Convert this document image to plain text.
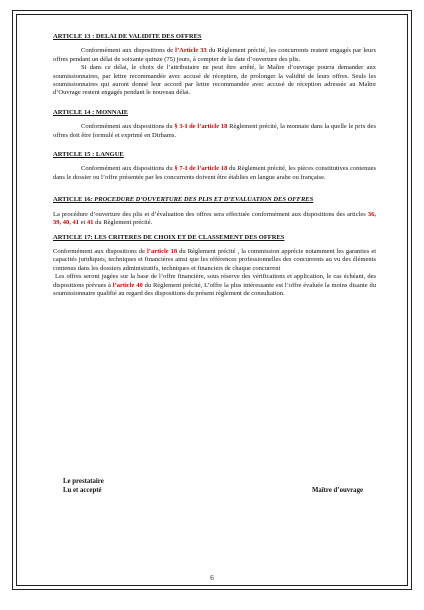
ARTICLE 13 : DELAI DE VALIDITE DES OFFRES

Conformément aux dispositions de l’Article 33 du Règlement précité, les concurrents restent engagés par leurs offres pendant un délai de soixante quinze (75) jours, à compter de la date d’ouverture des plis.

Si dans ce délai, le choix de l’attributaire ne peut être arrêté, le Maître d’ouvrage pourra demander aux soumissionnaires, par lettre recommandée avec accusé de réception, de prolonger la validité de leurs offres. Seuls les soumissionnaires qui auront donné leur accord par lettre recommandée avec accusé de réception adressée au Maître d’Ouvrage restent engagés pendant le nouveau délai.

ARTICLE 14 : MONNAIE

Conformément aux dispositions du § 3-I de l’article 18 Règlement précité, la monnaie dans la quelle le prix des offres doit être formulé et exprimé en Dirhams.

ARTICLE 15 : LANGUE

Conformément aux dispositions du § 7-I de l’article 18 du Règlement précité, les pièces constitutives contenues dans le dossier ou l’offre présentée par les concurrents doivent être établies en langue arabe ou française.

ARTICLE 16: PROCEDURE D’OUVERTURE DES PLIS ET D’EVALUATION DES OFFRES

La procédure d’ouverture des plis et d’évaluation des offres sera effectuée conformément aux dispositions des articles 36, 39, 40, 41 et 41 du Règlement précité.

ARTICLE 17: LES CRITERES DE CHOIX ET DE CLASSEMENT DES OFFRES

Conformément aux dispositions de l’article 18 du Règlement précité , la commission apprécie notamment les garanties et capacités juridiques, techniques et financières ainsi que les références professionnelles des concurrents au vu des éléments contenus dans les dossiers administratifs, techniques et financiers de chaque concurrent

Les offres seront jugées sur la base de l’offre financière, sous réserve des vérifications et application, le cas échéant, des dispositions prévues à l’article 40 du Règlement précité, L’offre la plus intéressante est l’offre évaluée la moins disante du soumissionnaire qualifié au regard des dispositions du présent règlement de consultation.

Le prestataire
Lu et accepté	Maître d’ouvrage
6
